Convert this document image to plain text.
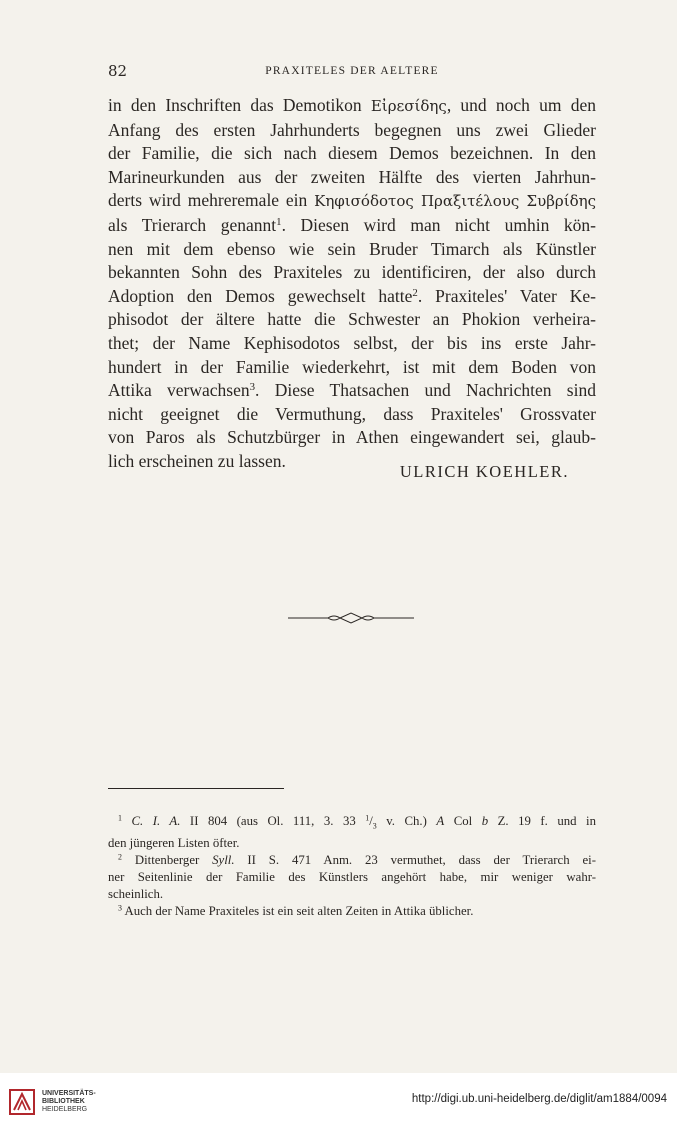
82	PRAXITELES DER AELTERE
in den Inschriften das Demotikon Εἰρεσίδης, und noch um den
Anfang des ersten Jahrhunderts begegnen uns zwei Glieder
der Familie, die sich nach diesem Demos bezeichnen. In den
Marineurkunden aus der zweiten Hälfte des vierten Jahrhun-
derts wird mehreremale ein Κηφισόδοτος Πραξιτέλους Συβρίδης
als Trierarch genannt$^1$. Diesen wird man nicht umhin kön-
nen mit dem ebenso wie sein Bruder Timarch als Künstler
bekannten Sohn des Praxiteles zu identificiren, der also durch
Adoption den Demos gewechselt hatte$^2$. Praxiteles' Vater Ke-
phisodot der ältere hatte die Schwester an Phokion verheira-
thet; der Name Kephisodotos selbst, der bis ins erste Jahr-
hundert in der Familie wiederkehrt, ist mit dem Boden von
Attika verwachsen$^3$. Diese Thatsachen und Nachrichten sind
nicht geeignet die Vermuthung, dass Praxiteles' Grossvater
von Paros als Schutzbürger in Athen eingewandert sei, glaub-
lich erscheinen zu lassen.
ULRICH KOEHLER.
$^1$ C. I. A. II 804 (aus Ol. 111, 3. 33 $^1/_3$ v. Ch.) A Col b Z. 19 f. und in
den jüngeren Listen öfter.
$^2$ Dittenberger Syll. II S. 471 Anm. 23 vermuthet, dass der Trierarch ei-
ner Seitenlinie der Familie des Künstlers angehört habe, mir weniger wahr-
scheinlich.
$^3$ Auch der Name Praxiteles ist ein seit alten Zeiten in Attika üblicher.
UNIVERSITÄTS-
BIBLIOTHEK
HEIDELBERG
http://digi.ub.uni-heidelberg.de/diglit/am1884/0094
